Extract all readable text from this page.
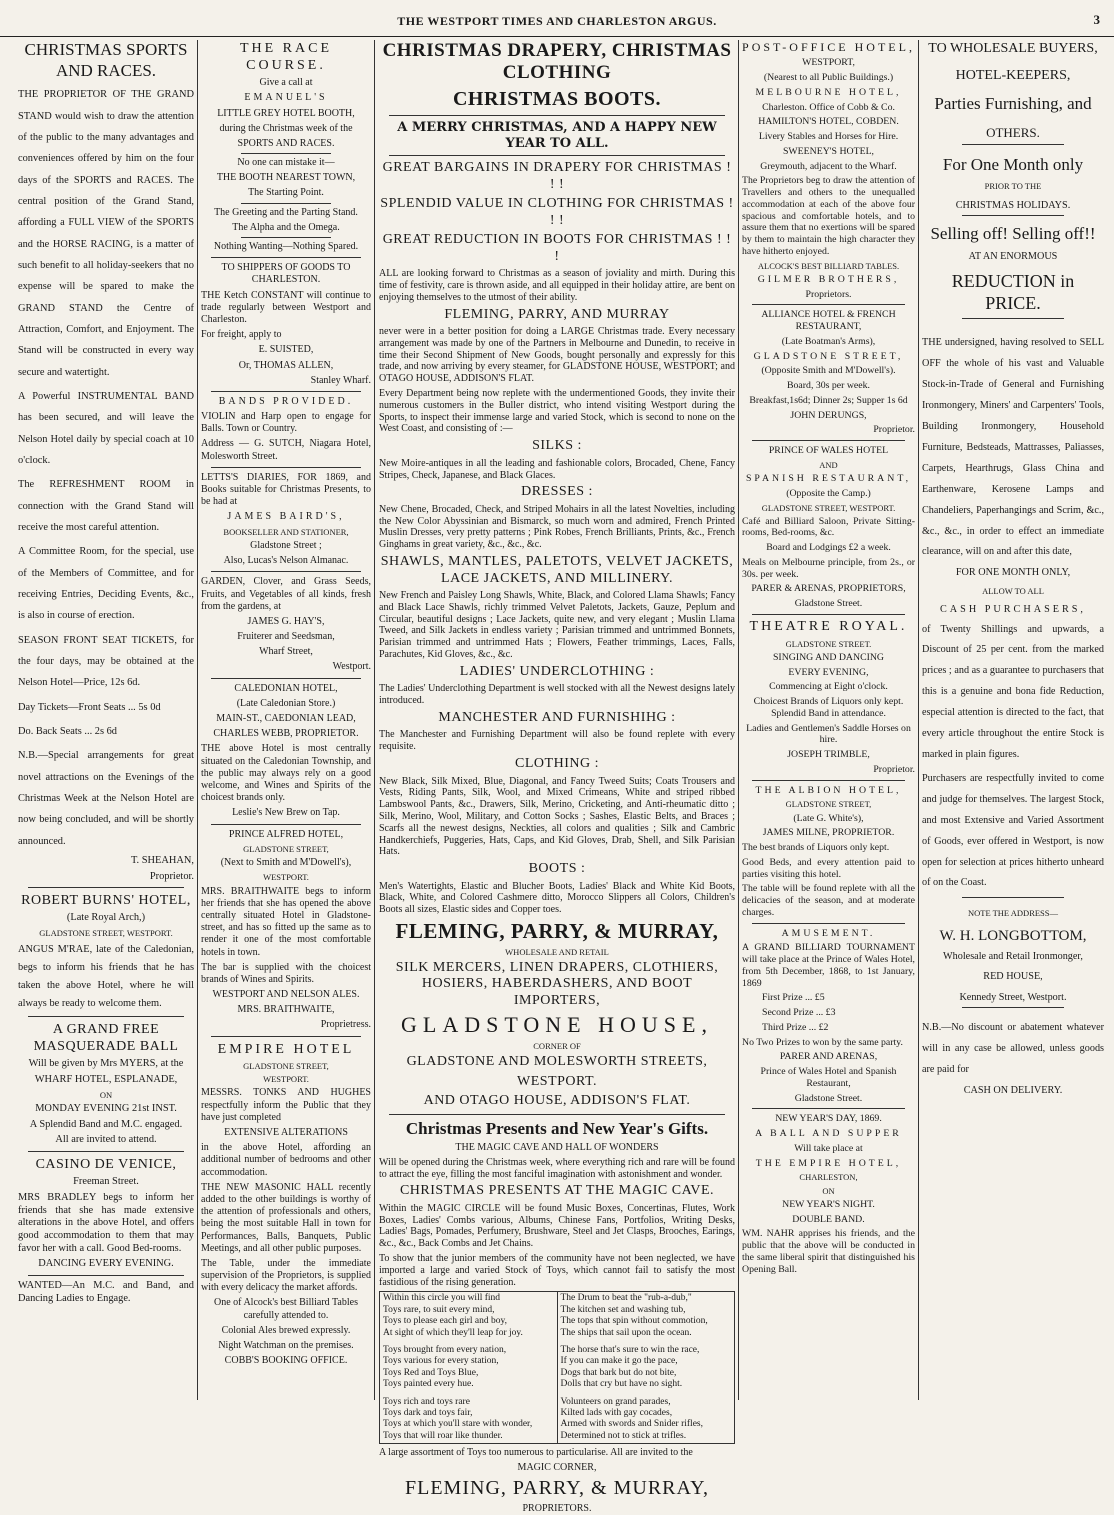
THE WESTPORT TIMES AND CHARLESTON ARGUS.	3

CHRISTMAS SPORTS AND RACES.

THE PROPRIETOR OF THE GRAND STAND would wish to draw the attention of the public to the many advantages and conveniences offered by him on the four days of the SPORTS and RACES. The central position of the Grand Stand, affording a FULL VIEW of the SPORTS and the HORSE RACING, is a matter of such benefit to all holiday-seekers that no expense will be spared to make the GRAND STAND the Centre of Attraction, Comfort, and Enjoyment. The Stand will be constructed in every way secure and watertight.

A Powerful INSTRUMENTAL BAND has been secured, and will leave the Nelson Hotel daily by special coach at 10 o'clock.

The REFRESHMENT ROOM in connection with the Grand Stand will receive the most careful attention.

A Committee Room, for the special, use of the Members of Committee, and for receiving Entries, Deciding Events, &c., is also in course of erection.

SEASON FRONT SEAT TICKETS, for the four days, may be obtained at the Nelson Hotel—Price, 12s 6d.

Day Tickets—Front Seats ... 5s 0d

Do. Back Seats ... 2s 6d

N.B.—Special arrangements for great novel attractions on the Evenings of the Christmas Week at the Nelson Hotel are now being concluded, and will be shortly announced.

T. SHEAHAN,

Proprietor.

ROBERT BURNS' HOTEL,

(Late Royal Arch,)

GLADSTONE STREET, WESTPORT.

ANGUS M'RAE, late of the Caledonian, begs to inform his friends that he has taken the above Hotel, where he will always be ready to welcome them.

A GRAND FREE MASQUERADE BALL

Will be given by Mrs MYERS, at the

WHARF HOTEL, ESPLANADE,

ON

MONDAY EVENING 21st INST.

A Splendid Band and M.C. engaged.

All are invited to attend.

CASINO DE VENICE,

Freeman Street.

MRS BRADLEY begs to inform her friends that she has made extensive alterations in the above Hotel, and offers good accommodation to them that may favor her with a call. Good Bed-rooms.

DANCING EVERY EVENING.

WANTED—An M.C. and Band, and Dancing Ladies to Engage.

THE RACE COURSE.

Give a call at

EMANUEL'S

LITTLE GREY HOTEL BOOTH,

during the Christmas week of the

SPORTS AND RACES.

No one can mistake it—

THE BOOTH NEAREST TOWN,

The Starting Point.

The Greeting and the Parting Stand.

The Alpha and the Omega.

Nothing Wanting—Nothing Spared.

TO SHIPPERS OF GOODS TO CHARLESTON.

THE Ketch CONSTANT will continue to trade regularly between Westport and Charleston.

For freight, apply to

E. SUISTED,

Or, THOMAS ALLEN,

Stanley Wharf.

BANDS PROVIDED.

VIOLIN and Harp open to engage for Balls. Town or Country.

Address — G. SUTCH, Niagara Hotel, Molesworth Street.

LETTS'S DIARIES, FOR 1869, and Books suitable for Christmas Presents, to be had at

JAMES BAIRD'S,

BOOKSELLER AND STATIONER,

Gladstone Street ;

Also, Lucas's Nelson Almanac.

GARDEN, Clover, and Grass Seeds, Fruits, and Vegetables of all kinds, fresh from the gardens, at

JAMES G. HAY'S,

Fruiterer and Seedsman,

Wharf Street,

Westport.

CALEDONIAN HOTEL,

(Late Caledonian Store.)

MAIN-ST., CAEDONIAN LEAD,

CHARLES WEBB, PROPRIETOR.

THE above Hotel is most centrally situated on the Caledonian Township, and the public may always rely on a good welcome, and Wines and Spirits of the choicest brands only.

Leslie's New Brew on Tap.

PRINCE ALFRED HOTEL,

GLADSTONE STREET,

(Next to Smith and M'Dowell's),

WESTPORT.

MRS. BRAITHWAITE begs to inform her friends that she has opened the above centrally situated Hotel in Gladstone-street, and has so fitted up the same as to render it one of the most comfortable hotels in town.

The bar is supplied with the choicest brands of Wines and Spirits.

WESTPORT AND NELSON ALES.

MRS. BRAITHWAITE,

Proprietress.

EMPIRE HOTEL

GLADSTONE STREET,

WESTPORT.

MESSRS. TONKS AND HUGHES respectfully inform the Public that they have just completed

EXTENSIVE ALTERATIONS

in the above Hotel, affording an additional number of bedrooms and other accommodation.

THE NEW MASONIC HALL recently added to the other buildings is worthy of the attention of professionals and others, being the most suitable Hall in town for Performances, Balls, Banquets, Public Meetings, and all other public purposes.

The Table, under the immediate supervision of the Proprietors, is supplied with every delicacy the market affords.

One of Alcock's best Billiard Tables carefully attended to.

Colonial Ales brewed expressly.

Night Watchman on the premises.

COBB'S BOOKING OFFICE.

CHRISTMAS DRAPERY, CHRISTMAS CLOTHING

CHRISTMAS BOOTS.

A MERRY CHRISTMAS, AND A HAPPY NEW YEAR TO ALL.

GREAT BARGAINS IN DRAPERY FOR CHRISTMAS ! ! !

SPLENDID VALUE IN CLOTHING FOR CHRISTMAS ! ! !

GREAT REDUCTION IN BOOTS FOR CHRISTMAS ! ! !

ALL are looking forward to Christmas as a season of joviality and mirth. During this time of festivity, care is thrown aside, and all equipped in their holiday attire, are bent on enjoying themselves to the utmost of their ability.

FLEMING, PARRY, AND MURRAY

never were in a better position for doing a LARGE Christmas trade. Every necessary arrangement was made by one of the Partners in Melbourne and Dunedin, to receive in time their Second Shipment of New Goods, bought personally and expressly for this trade, and now arriving by every steamer, for GLADSTONE HOUSE, WESTPORT; and OTAGO HOUSE, ADDISON'S FLAT.

Every Department being now replete with the undermentioned Goods, they invite their numerous customers in the Buller district, who intend visiting Westport during the Sports, to inspect their immense large and varied Stock, which is second to none on the West Coast, and consisting of :—

SILKS :

New Moire-antiques in all the leading and fashionable colors, Brocaded, Chene, Fancy Stripes, Check, Japanese, and Black Glaces.

DRESSES :

New Chene, Brocaded, Check, and Striped Mohairs in all the latest Novelties, including the New Color Abyssinian and Bismarck, so much worn and admired, French Printed Muslin Dresses, very pretty patterns ; Pink Robes, French Brilliants, Prints, &c., French Ginghams in great variety, &c., &c., &c.

SHAWLS, MANTLES, PALETOTS, VELVET JACKETS, LACE JACKETS, AND MILLINERY.

New French and Paisley Long Shawls, White, Black, and Colored Llama Shawls; Fancy and Black Lace Shawls, richly trimmed Velvet Paletots, Jackets, Gauze, Peplum and Circular, beautiful designs ; Lace Jackets, quite new, and very elegant ; Muslin Llama Tweed, and Silk Jackets in endless variety ; Parisian trimmed and untrimmed Bonnets, Parisian trimmed and untrimmed Hats ; Flowers, Feather trimmings, Laces, Falls, Parachutes, Kid Gloves, &c., &c.

LADIES' UNDERCLOTHING :

The Ladies' Underclothing Department is well stocked with all the Newest designs lately introduced.

MANCHESTER AND FURNISHIHG :

The Manchester and Furnishing Department will also be found replete with every requisite.

CLOTHING :

New Black, Silk Mixed, Blue, Diagonal, and Fancy Tweed Suits; Coats Trousers and Vests, Riding Pants, Silk, Wool, and Mixed Crimeans, White and striped ribbed Lambswool Pants, &c., Drawers, Silk, Merino, Cricketing, and Anti-rheumatic ditto ; Silk, Merino, Wool, Military, and Cotton Socks ; Sashes, Elastic Belts, and Braces ; Scarfs all the newest designs, Neckties, all colors and qualities ; Silk and Cambric Handkerchiefs, Puggeries, Hats, Caps, and Kid Gloves, Drab, Shell, and Silk Parisian Hats.

BOOTS :

Men's Watertights, Elastic and Blucher Boots, Ladies' Black and White Kid Boots, Black, White, and Colored Cashmere ditto, Morocco Slippers all Colors, Children's Boots all sizes, Elastic sides and Copper toes.

FLEMING, PARRY, & MURRAY,

WHOLESALE AND RETAIL

SILK MERCERS, LINEN DRAPERS, CLOTHIERS, HOSIERS, HABERDASHERS, AND BOOT IMPORTERS,

GLADSTONE HOUSE,

CORNER OF

GLADSTONE AND MOLESWORTH STREETS,

WESTPORT.

AND OTAGO HOUSE, ADDISON'S FLAT.

Christmas Presents and New Year's Gifts.

THE MAGIC CAVE AND HALL OF WONDERS

Will be opened during the Christmas week, where everything rich and rare will be found to attract the eye, filling the most fanciful imagination with astonishment and wonder.

CHRISTMAS PRESENTS AT THE MAGIC CAVE.

Within the MAGIC CIRCLE will be found Music Boxes, Concertinas, Flutes, Work Boxes, Ladies' Combs various, Albums, Chinese Fans, Portfolios, Writing Desks, Ladies' Bags, Pomades, Perfumery, Brushware, Steel and Jet Clasps, Brooches, Earings, &c., &c., Back Combs and Jet Chains.

To show that the junior members of the community have not been neglected, we have imported a large and varied Stock of Toys, which cannot fail to satisfy the most fastidious of the rising generation.

Within this circle you will find
Toys rare, to suit every mind,
Toys to please each girl and boy,
At sight of which they'll leap for joy.
Toys brought from every nation,
Toys various for every station,
Toys Red and Toys Blue,
Toys painted every hue.
Toys rich and toys rare
Toys dark and toys fair,
Toys at which you'll stare with wonder,
Toys that will roar like thunder.
The Drum to beat the "rub-a-dub,"
The kitchen set and washing tub,
The tops that spin without commotion,
The ships that sail upon the ocean.
The horse that's sure to win the race,
If you can make it go the pace,
Dogs that bark but do not bite,
Dolls that cry but have no sight.
Volunteers on grand parades,
Kilted lads with gay cocades,
Armed with swords and Snider rifles,
Determined not to stick at trifles.

A large assortment of Toys too numerous to particularise. All are invited to the

MAGIC CORNER,

FLEMING, PARRY, & MURRAY,

PROPRIETORS.

POST-OFFICE HOTEL,

WESTPORT,

(Nearest to all Public Buildings.)

MELBOURNE HOTEL,

Charleston. Office of Cobb & Co.

HAMILTON'S HOTEL, COBDEN.

Livery Stables and Horses for Hire.

SWEENEY'S HOTEL,

Greymouth, adjacent to the Wharf.

The Proprietors beg to draw the attention of Travellers and others to the unequalled accommodation at each of the above four spacious and comfortable hotels, and to assure them that no exertions will be spared by them to maintain the high character they have hitherto enjoyed.

ALCOCK'S BEST BILLIARD TABLES.

GILMER BROTHERS,

Proprietors.

ALLIANCE HOTEL & FRENCH RESTAURANT,

(Late Boatman's Arms),

GLADSTONE STREET,

(Opposite Smith and M'Dowell's).

Board, 30s per week.

Breakfast,1s6d; Dinner 2s; Supper 1s 6d

JOHN DERUNGS,

Proprietor.

PRINCE OF WALES HOTEL

AND

SPANISH RESTAURANT,

(Opposite the Camp.)

GLADSTONE STREET, WESTPORT.

Café and Billiard Saloon, Private Sitting-rooms, Bed-rooms, &c.

Board and Lodgings £2 a week.

Meals on Melbourne principle, from 2s., or 30s. per week.

PARER & ARENAS, PROPRIETORS,

Gladstone Street.

THEATRE ROYAL.

GLADSTONE STREET.

SINGING AND DANCING

EVERY EVENING,

Commencing at Eight o'clock.

Choicest Brands of Liquors only kept. Splendid Band in attendance.

Ladies and Gentlemen's Saddle Horses on hire.

JOSEPH TRIMBLE,

Proprietor.

THE ALBION HOTEL,

GLADSTONE STREET,

(Late G. White's),

JAMES MILNE, PROPRIETOR.

The best brands of Liquors only kept.

Good Beds, and every attention paid to parties visiting this hotel.

The table will be found replete with all the delicacies of the season, and at moderate charges.

AMUSEMENT.

A GRAND BILLIARD TOURNAMENT will take place at the Prince of Wales Hotel, from 5th December, 1868, to 1st January, 1869

First Prize ... £5

Second Prize ... £3

Third Prize ... £2

No Two Prizes to won by the same party.

PARER AND ARENAS,

Prince of Wales Hotel and Spanish Restaurant,

Gladstone Street.

NEW YEAR'S DAY, 1869.

A BALL AND SUPPER

Will take place at

THE EMPIRE HOTEL,

CHARLESTON,

ON

NEW YEAR'S NIGHT.

DOUBLE BAND.

WM. NAHR apprises his friends, and the public that the above will be conducted in the same liberal spirit that distinguished his Opening Ball.

TO WHOLESALE BUYERS,

HOTEL-KEEPERS,

Parties Furnishing, and

OTHERS.

For One Month only

PRIOR TO THE

CHRISTMAS HOLIDAYS.

Selling off! Selling off!!

AT AN ENORMOUS

REDUCTION in PRICE.

THE undersigned, having resolved to SELL OFF the whole of his vast and Valuable Stock-in-Trade of General and Furnishing Ironmongery, Miners' and Carpenters' Tools, Building Ironmongery, Household Furniture, Bedsteads, Mattrasses, Paliasses, Carpets, Hearthrugs, Glass China and Earthenware, Kerosene Lamps and Chandeliers, Paperhangings and Scrim, &c., &c., &c., in order to effect an immediate clearance, will on and after this date,

FOR ONE MONTH ONLY,

ALLOW TO ALL

CASH PURCHASERS,

of Twenty Shillings and upwards, a Discount of 25 per cent. from the marked prices ; and as a guarantee to purchasers that this is a genuine and bona fide Reduction, especial attention is directed to the fact, that every article throughout the entire Stock is marked in plain figures.

Purchasers are respectfully invited to come and judge for themselves. The largest Stock, and most Extensive and Varied Assortment of Goods, ever offered in Westport, is now open for selection at prices hitherto unheard of on the Coast.

NOTE THE ADDRESS—

W. H. LONGBOTTOM,

Wholesale and Retail Ironmonger,

RED HOUSE,

Kennedy Street, Westport.

N.B.—No discount or abatement whatever will in any case be allowed, unless goods are paid for

CASH ON DELIVERY.
